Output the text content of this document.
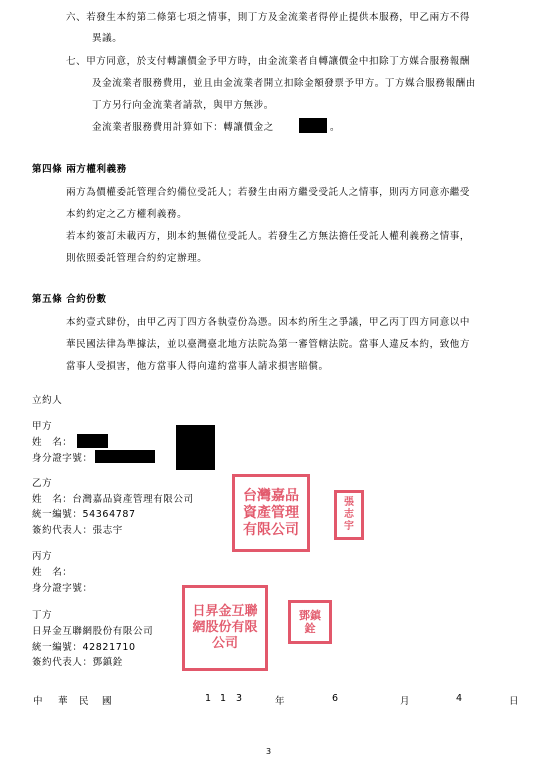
六、若發生本約第二條第七項之情事，則丁方及金流業者得停止提供本服務，甲乙兩方不得
異議。
七、甲方同意，於支付轉讓價金予甲方時，由金流業者自轉讓價金中扣除丁方媒合服務報酬
及金流業者服務費用，並且由金流業者開立扣除金額發票予甲方。丁方媒合服務報酬由
丁方另行向金流業者請款，與甲方無涉。
金流業者服務費用計算如下：轉讓價金之	。
第四條 兩方權利義務
兩方為價權委託管理合約備位受託人；若發生由兩方繼受受託人之情事，則丙方同意亦繼受
本約約定之乙方權利義務。
若本約簽訂未載丙方，則本約無備位受託人。若發生乙方無法擔任受託人權利義務之情事，
則依照委託管理合約約定辦理。
第五條 合約份數
本約壹式肆份，由甲乙丙丁四方各執壹份為憑。因本約所生之爭議，甲乙丙丁四方同意以中
華民國法律為準據法，並以臺灣臺北地方法院為第一審管轄法院。當事人違反本約，致他方
當事人受損害，他方當事人得向違約當事人請求損害賠償。
立約人
甲方
姓　名：
身分證字號：
乙方
姓　名：台灣嘉品資產管理有限公司
統一編號：54364787
簽約代表人：張志宇
丙方
姓　名：
身分證字號：
丁方
日昇金互聯網股份有限公司
統一編號：42821710
簽約代表人：鄧鎮銓
台灣嘉品資產管理有限公司
張志宇
日昇金互聯網股份有限公司
鄧鎮銓
中 華 民 國	1 1 3	年	6	月	4	日
3
